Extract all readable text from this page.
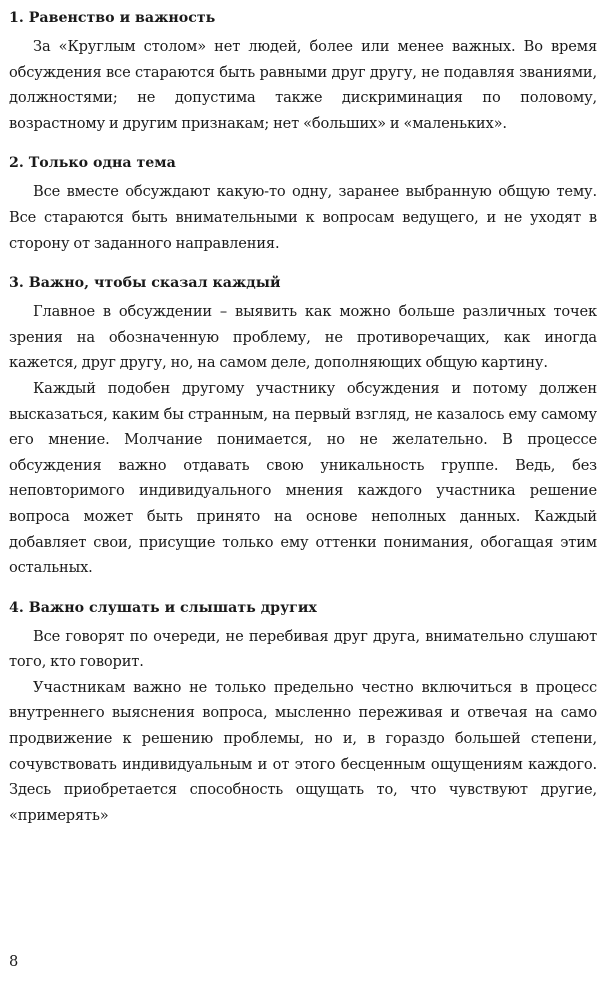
1. Равенство и важность

За «Круглым столом» нет людей, более или менее важных. Во время обсуждения все стараются быть равными друг другу, не подавляя званиями, должностями; не допустима также дискриминация по половому, возрастному и другим признакам; нет «больших» и «маленьких».

2. Только одна тема

Все вместе обсуждают какую-то одну, заранее выбранную общую тему. Все стараются быть внимательными к вопросам ведущего, и не уходят в сторону от заданного направления.

3. Важно, чтобы сказал каждый

Главное в обсуждении – выявить как можно больше различных точек зрения на обозначенную проблему, не противоречащих, как иногда кажется, друг другу, но, на самом деле, дополняющих общую картину.

Каждый подобен другому участнику обсуждения и потому должен высказаться, каким бы странным, на первый взгляд, не казалось ему самому его мнение. Молчание понимается, но не желательно. В процессе обсуждения важно отдавать свою уникальность группе. Ведь, без неповторимого индивидуального мнения каждого участника решение вопроса может быть принято на основе неполных данных. Каждый добавляет свои, присущие только ему оттенки понимания, обогащая этим остальных.

4. Важно слушать и слышать других

Все говорят по очереди, не перебивая друг друга, внимательно слушают того, кто говорит.

Участникам важно не только предельно честно включиться в процесс внутреннего выяснения вопроса, мысленно переживая и отвечая на само продвижение к решению проблемы, но и, в гораздо большей степени, сочувствовать индивидуальным и от этого бесценным ощущениям каждого. Здесь приобретается способность ощущать то, что чувствуют другие, «примерять»

8
